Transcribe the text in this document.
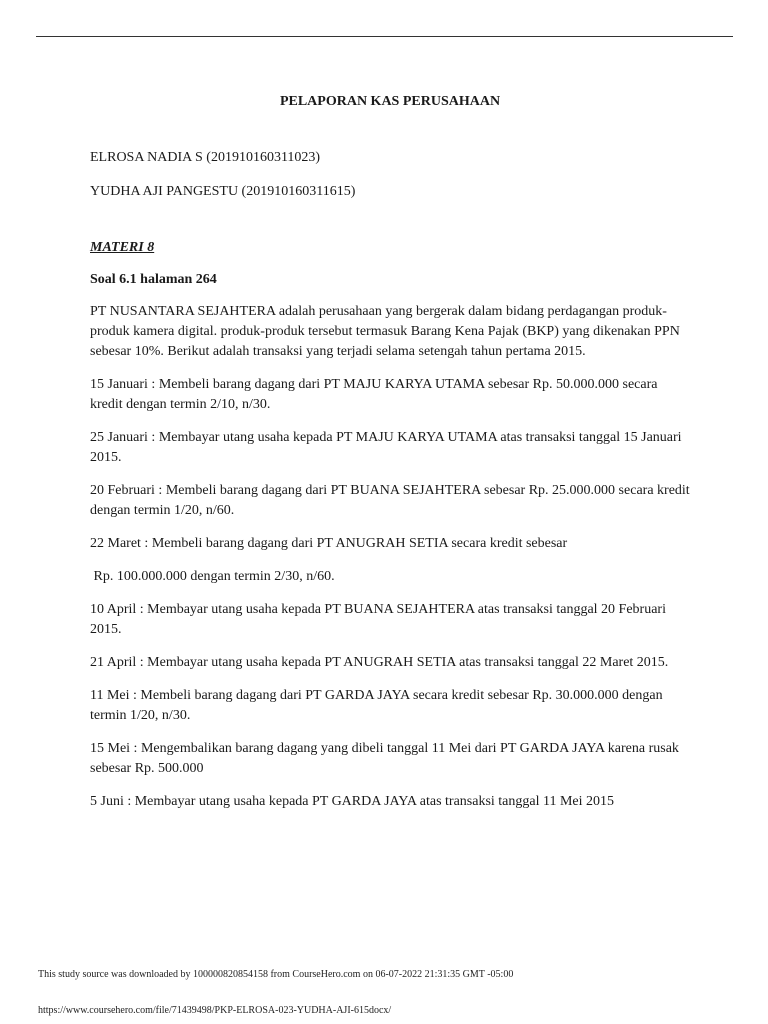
PELAPORAN KAS PERUSAHAAN

ELROSA NADIA S (201910160311023)

YUDHA AJI PANGESTU (201910160311615)

MATERI 8
Soal 6.1 halaman 264

PT NUSANTARA SEJAHTERA adalah perusahaan yang bergerak dalam bidang perdagangan produk-produk kamera digital. produk-produk tersebut termasuk Barang Kena Pajak (BKP) yang dikenakan PPN sebesar 10%. Berikut adalah transaksi yang terjadi selama setengah tahun pertama 2015.

15 Januari : Membeli barang dagang dari PT MAJU KARYA UTAMA sebesar Rp. 50.000.000 secara kredit dengan termin 2/10, n/30.

25 Januari : Membayar utang usaha kepada PT MAJU KARYA UTAMA atas transaksi tanggal 15 Januari 2015.

20 Februari : Membeli barang dagang dari PT BUANA SEJAHTERA sebesar Rp. 25.000.000 secara kredit dengan termin 1/20, n/60.

22 Maret : Membeli barang dagang dari PT ANUGRAH SETIA secara kredit sebesar

Rp. 100.000.000 dengan termin 2/30, n/60.

10 April : Membayar utang usaha kepada PT BUANA SEJAHTERA atas transaksi tanggal 20 Februari 2015.

21 April : Membayar utang usaha kepada PT ANUGRAH SETIA atas transaksi tanggal 22 Maret 2015.

11 Mei : Membeli barang dagang dari PT GARDA JAYA secara kredit sebesar Rp. 30.000.000 dengan termin 1/20, n/30.

15 Mei : Mengembalikan barang dagang yang dibeli tanggal 11 Mei dari PT GARDA JAYA karena rusak sebesar Rp. 500.000

5 Juni : Membayar utang usaha kepada PT GARDA JAYA atas transaksi tanggal 11 Mei 2015

This study source was downloaded by 100000820854158 from CourseHero.com on 06-07-2022 21:31:35 GMT -05:00
https://www.coursehero.com/file/71439498/PKP-ELROSA-023-YUDHA-AJI-615docx/
